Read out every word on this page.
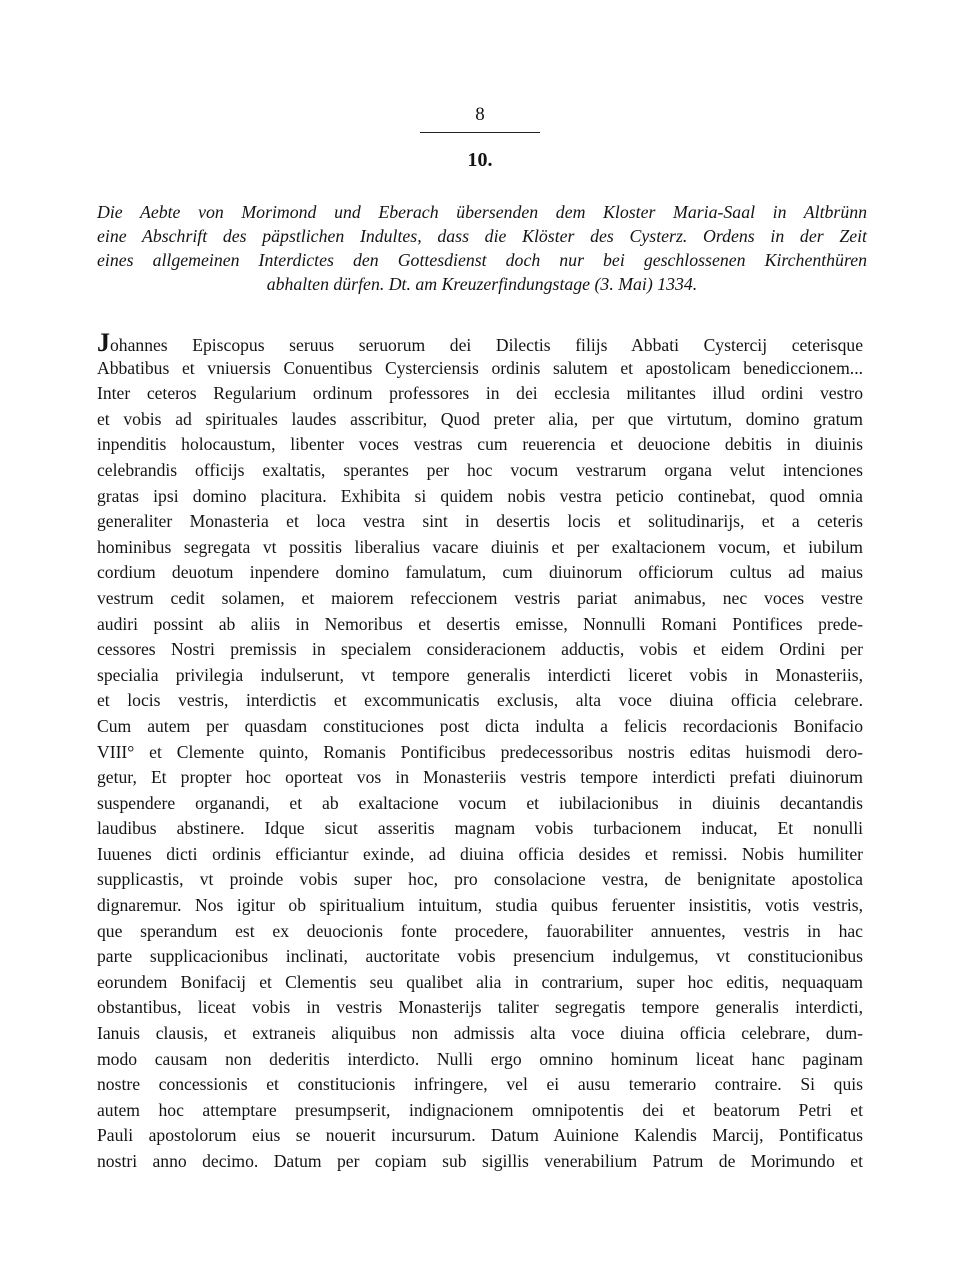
8
10.
Die Aebte von Morimond und Eberach übersenden dem Kloster Maria-Saal in Altbrünn
eine Abschrift des päpstlichen Indultes, dass die Klöster des Cysterz. Ordens in der Zeit
eines allgemeinen Interdictes den Gottesdienst doch nur bei geschlossenen Kirchenthüren
abhalten dürfen. Dt. am Kreuzerfindungstage (3. Mai) 1334.
Johannes Episcopus seruus seruorum dei Dilectis filijs Abbati Cystercij ceterisque
Abbatibus et vniuersis Conuentibus Cysterciensis ordinis salutem et apostolicam benediccionem...
Inter ceteros Regularium ordinum professores in dei ecclesia militantes illud ordini vestro
et vobis ad spirituales laudes asscribitur, Quod preter alia, per que virtutum, domino gratum
inpenditis holocaustum, libenter voces vestras cum reuerencia et deuocione debitis in diuinis
celebrandis officijs exaltatis, sperantes per hoc vocum vestrarum organa velut intenciones
gratas ipsi domino placitura. Exhibita si quidem nobis vestra peticio continebat, quod omnia
generaliter Monasteria et loca vestra sint in desertis locis et solitudinarijs, et a ceteris
hominibus segregata vt possitis liberalius vacare diuinis et per exaltacionem vocum, et iubilum
cordium deuotum inpendere domino famulatum, cum diuinorum officiorum cultus ad maius
vestrum cedit solamen, et maiorem refeccionem vestris pariat animabus, nec voces vestre
audiri possint ab aliis in Nemoribus et desertis emisse, Nonnulli Romani Pontifices prede-
cessores Nostri premissis in specialem consideracionem adductis, vobis et eidem Ordini per
specialia privilegia indulserunt, vt tempore generalis interdicti liceret vobis in Monasteriis,
et locis vestris, interdictis et excommunicatis exclusis, alta voce diuina officia celebrare.
Cum autem per quasdam constituciones post dicta indulta a felicis recordacionis Bonifacio
VIII° et Clemente quinto, Romanis Pontificibus predecessoribus nostris editas huismodi dero-
getur, Et propter hoc oporteat vos in Monasteriis vestris tempore interdicti prefati diuinorum
suspendere organandi, et ab exaltacione vocum et iubilacionibus in diuinis decantandis
laudibus abstinere. Idque sicut asseritis magnam vobis turbacionem inducat, Et nonulli
Iuuenes dicti ordinis efficiantur exinde, ad diuina officia desides et remissi. Nobis humiliter
supplicastis, vt proinde vobis super hoc, pro consolacione vestra, de benignitate apostolica
dignaremur. Nos igitur ob spiritualium intuitum, studia quibus feruenter insistitis, votis vestris,
que sperandum est ex deuocionis fonte procedere, fauorabiliter annuentes, vestris in hac
parte supplicacionibus inclinati, auctoritate vobis presencium indulgemus, vt constitucionibus
eorundem Bonifacij et Clementis seu qualibet alia in contrarium, super hoc editis, nequaquam
obstantibus, liceat vobis in vestris Monasterijs taliter segregatis tempore generalis interdicti,
Ianuis clausis, et extraneis aliquibus non admissis alta voce diuina officia celebrare, dum-
modo causam non dederitis interdicto. Nulli ergo omnino hominum liceat hanc paginam
nostre concessionis et constitucionis infringere, vel ei ausu temerario contraire. Si quis
autem hoc attemptare presumpserit, indignacionem omnipotentis dei et beatorum Petri et
Pauli apostolorum eius se nouerit incursurum. Datum Auinione Kalendis Marcij, Pontificatus
nostri anno decimo. Datum per copiam sub sigillis venerabilium Patrum de Morimundo et
